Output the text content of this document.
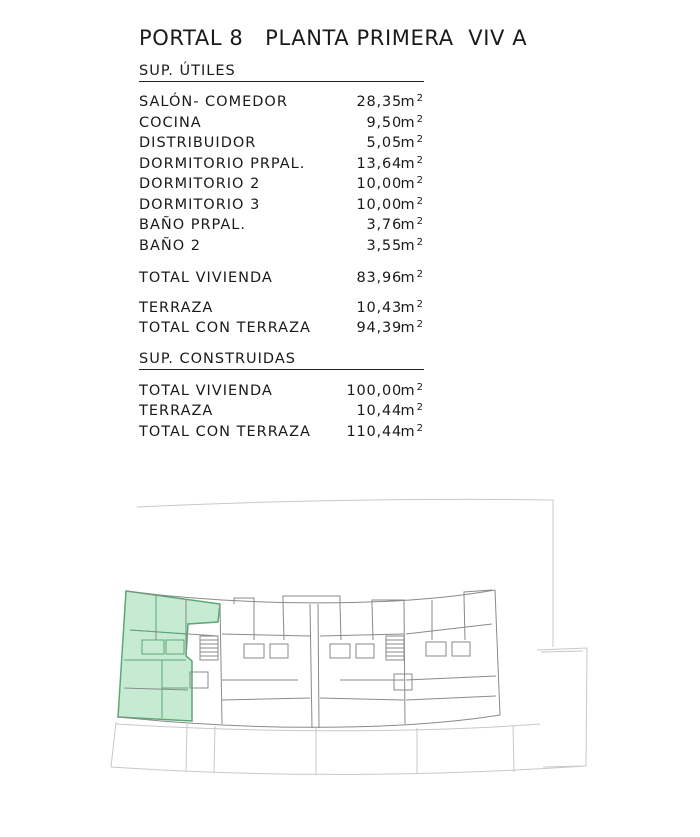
PORTAL 8   PLANTA PRIMERA  VIV A
SUP. ÚTILES
SALÓN- COMEDOR	28,35
$m^2$
COCINA	9,50
$m^2$
DISTRIBUIDOR	5,05
$m^2$
DORMITORIO PRPAL.	13,64
$m^2$
DORMITORIO 2	10,00
$m^2$
DORMITORIO 3	10,00
$m^2$
BAÑO PRPAL.	3,76
$m^2$
BAÑO 2	3,55
$m^2$
TOTAL VIVIENDA	83,96
$m^2$
TERRAZA	10,43
$m^2$
TOTAL CON TERRAZA	94,39
$m^2$
SUP. CONSTRUIDAS
TOTAL VIVIENDA	100,00
$m^2$
TERRAZA	10,44
$m^2$
TOTAL CON TERRAZA 110,44
$m^2$
